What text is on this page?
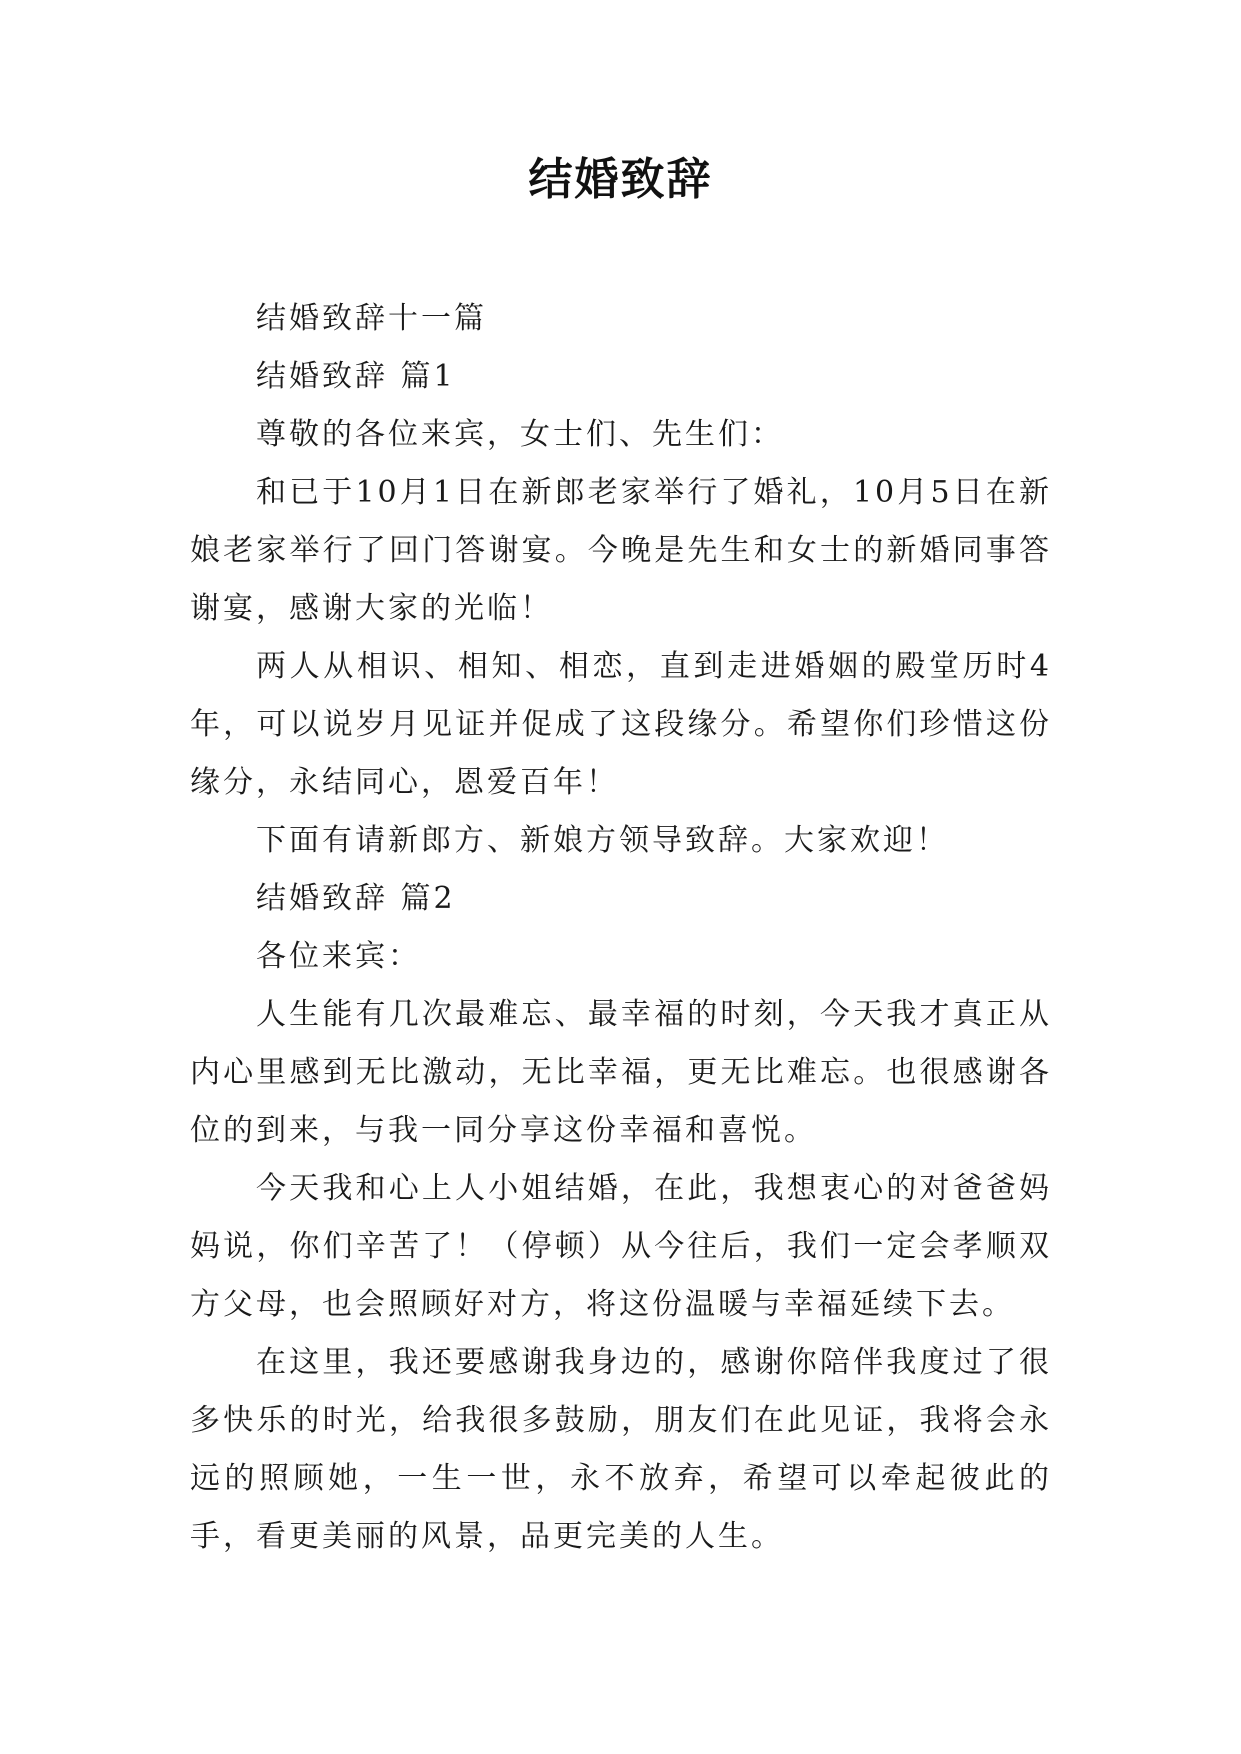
结婚致辞

结婚致辞十一篇

结婚致辞 篇1

尊敬的各位来宾，女士们、先生们：

和已于10月1日在新郎老家举行了婚礼，10月5日在新娘老家举行了回门答谢宴。今晚是先生和女士的新婚同事答谢宴，感谢大家的光临！

两人从相识、相知、相恋，直到走进婚姻的殿堂历时4年，可以说岁月见证并促成了这段缘分。希望你们珍惜这份缘分，永结同心，恩爱百年！

下面有请新郎方、新娘方领导致辞。大家欢迎！

结婚致辞 篇2

各位来宾：

人生能有几次最难忘、最幸福的时刻，今天我才真正从内心里感到无比激动，无比幸福，更无比难忘。也很感谢各位的到来，与我一同分享这份幸福和喜悦。

今天我和心上人小姐结婚，在此，我想衷心的对爸爸妈妈说，你们辛苦了！（停顿）从今往后，我们一定会孝顺双方父母，也会照顾好对方，将这份温暖与幸福延续下去。

在这里，我还要感谢我身边的，感谢你陪伴我度过了很多快乐的时光，给我很多鼓励，朋友们在此见证，我将会永远的照顾她，一生一世，永不放弃，希望可以牵起彼此的手，看更美丽的风景，品更完美的人生。
